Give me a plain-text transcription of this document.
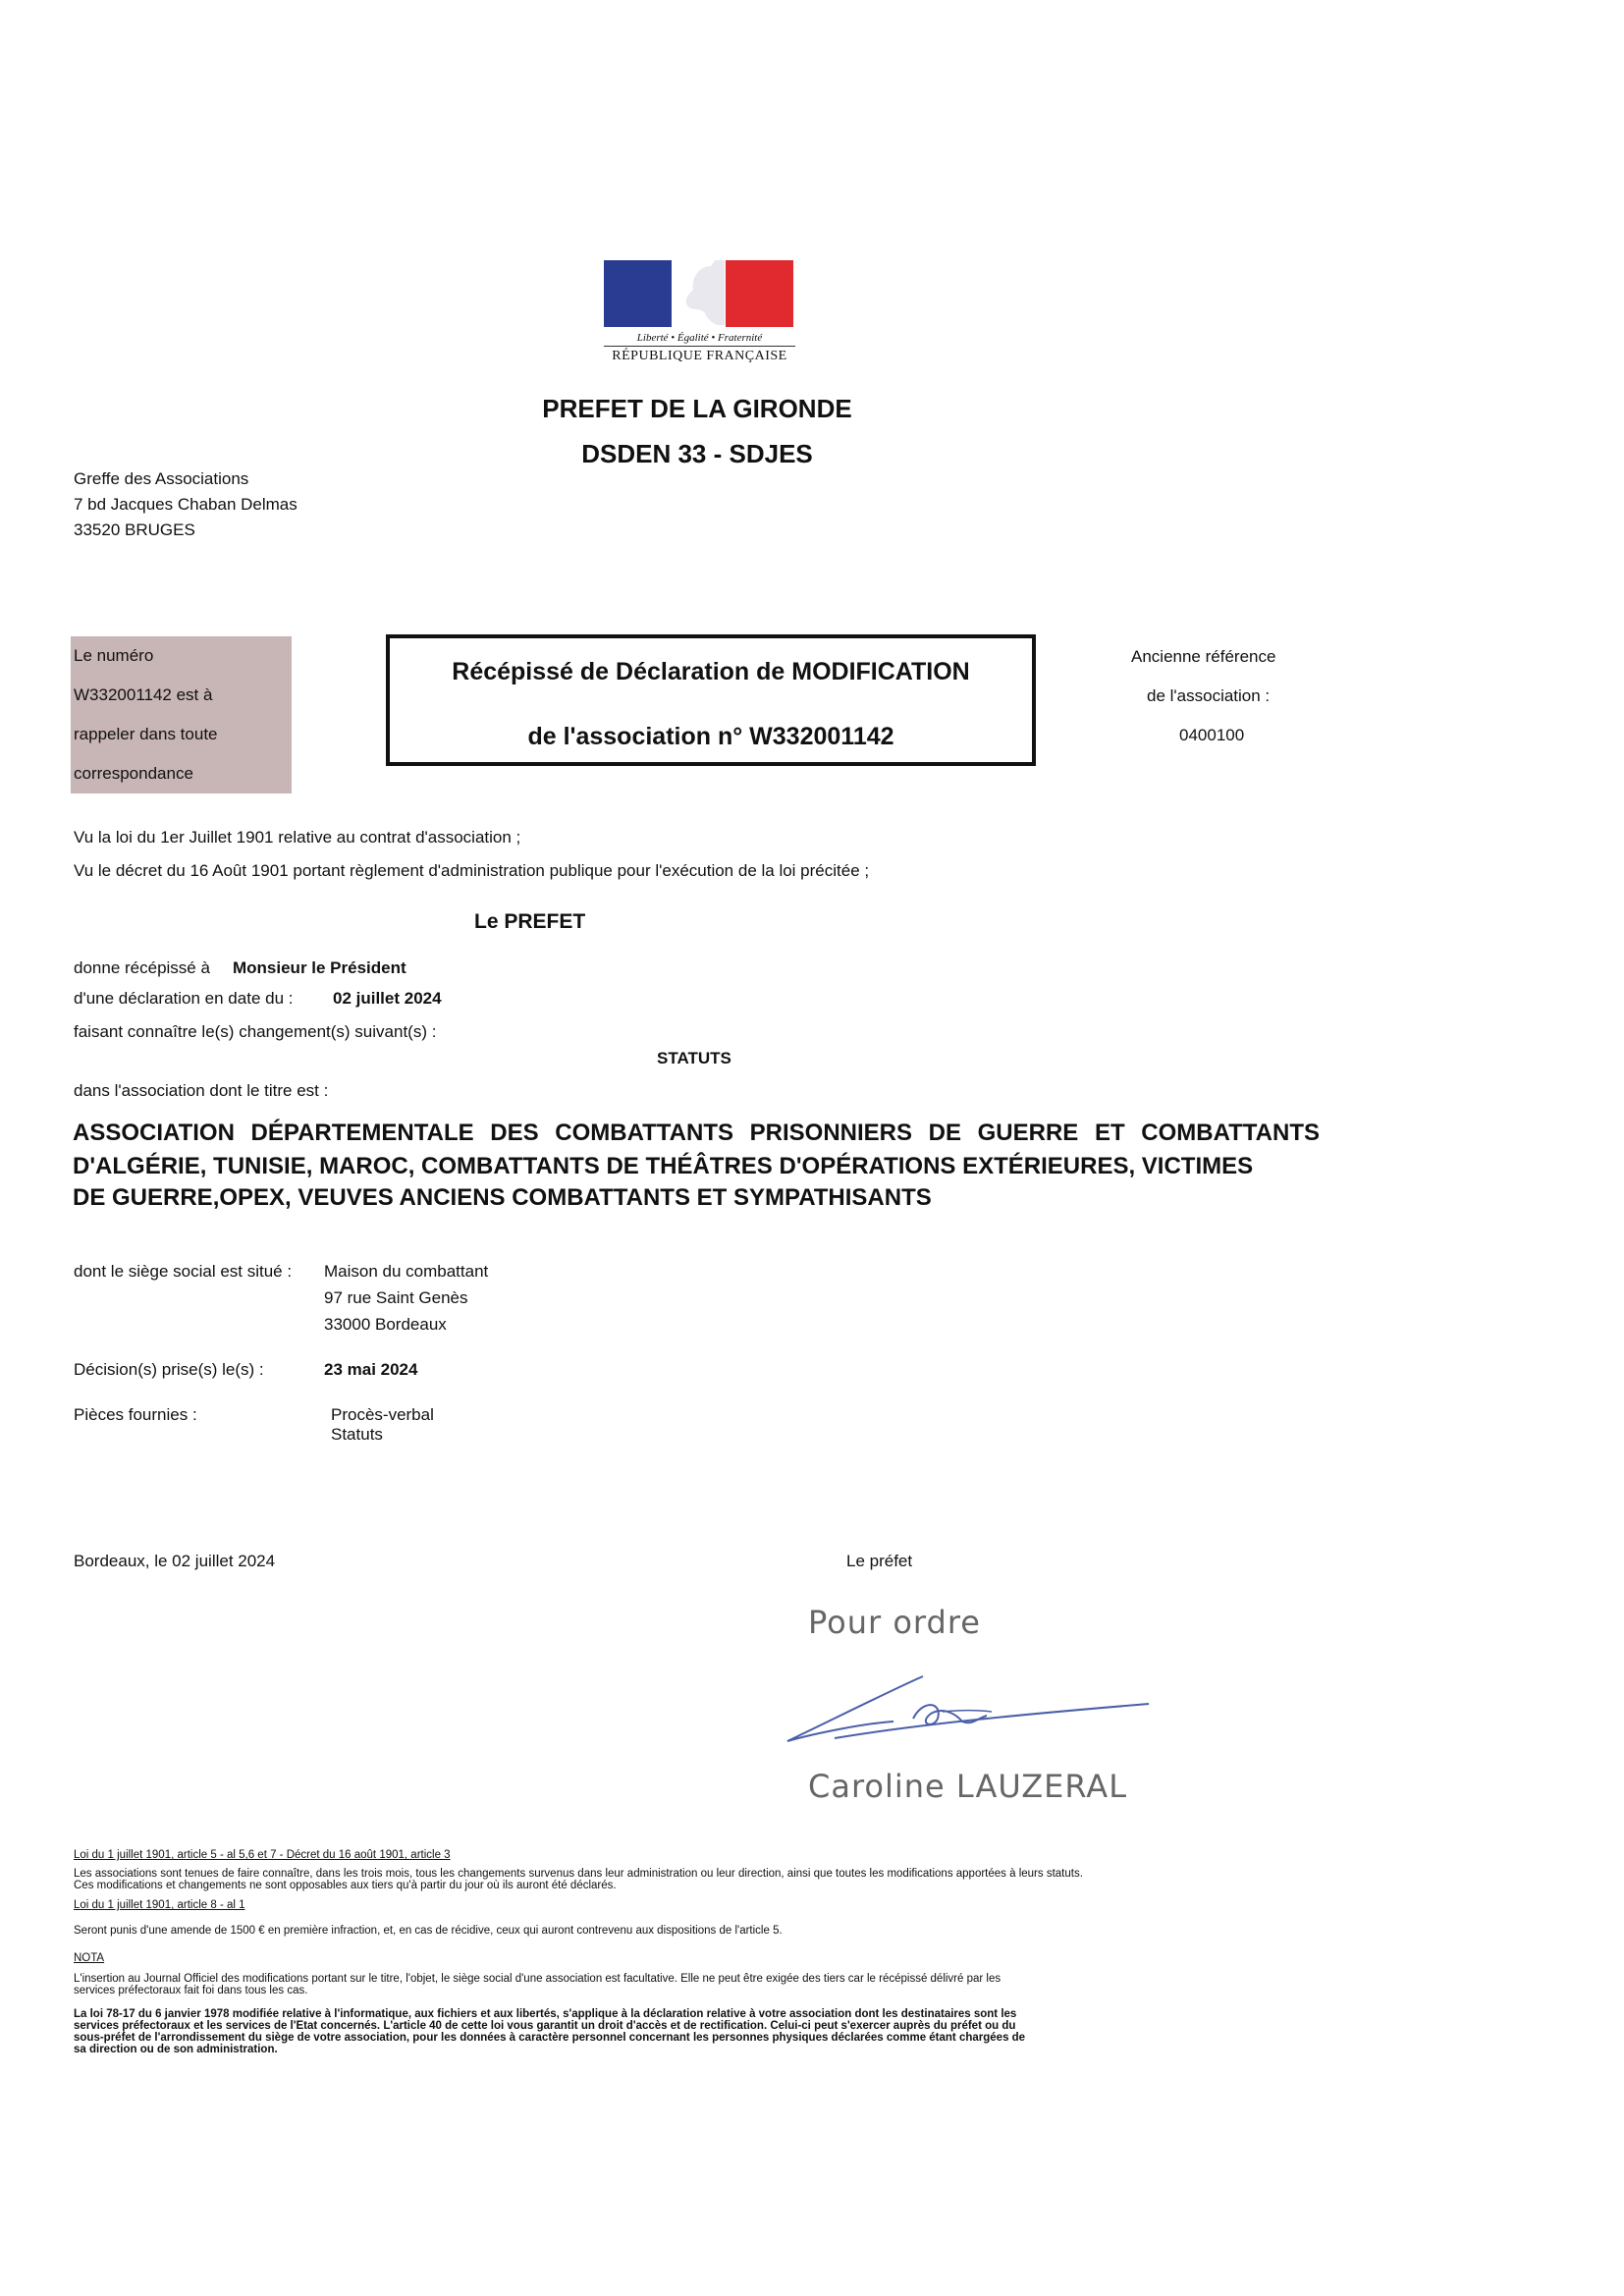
Liberté • Égalité • Fraternité
RÉPUBLIQUE FRANÇAISE
PREFET DE LA GIRONDE
DSDEN 33 - SDJES
Greffe des Associations
7 bd Jacques Chaban Delmas
33520 BRUGES
Le numéro
W332001142 est à
rappeler dans toute
correspondance
Récépissé de Déclaration de MODIFICATION
de l'association n° W332001142
Ancienne référence
de l'association :
0400100
Vu la loi du 1er Juillet 1901 relative au contrat d'association ;
Vu le décret du 16 Août 1901 portant règlement d'administration publique pour l'exécution de la loi précitée ;
Le PREFET
donne récépissé à Monsieur le Président
d'une déclaration en date du : 02 juillet 2024
faisant connaître le(s) changement(s) suivant(s) :
STATUTS
dans l'association dont le titre est :
ASSOCIATION DÉPARTEMENTALE DES COMBATTANTS PRISONNIERS DE GUERRE ET COMBATTANTS
D'ALGÉRIE, TUNISIE, MAROC, COMBATTANTS DE THÉÂTRES D'OPÉRATIONS EXTÉRIEURES, VICTIMES
DE GUERRE,OPEX, VEUVES ANCIENS COMBATTANTS ET SYMPATHISANTS
dont le siège social est situé : Maison du combattant
97 rue Saint Genès
33000 Bordeaux
Décision(s) prise(s) le(s) :	23 mai 2024
Pièces fournies :	Procès-verbal
Statuts
Bordeaux, le 02 juillet 2024	Le préfet
Pour ordre
Caroline LAUZERAL
Loi du 1 juillet 1901, article 5 - al 5,6 et 7 - Décret du 16 août 1901, article 3
Les associations sont tenues de faire connaître, dans les trois mois, tous les changements survenus dans leur administration ou leur direction, ainsi que toutes les modifications apportées à leurs statuts.
Ces modifications et changements ne sont opposables aux tiers qu'à partir du jour où ils auront été déclarés.
Loi du 1 juillet 1901, article 8 - al 1
Seront punis d'une amende de 1500 € en première infraction, et, en cas de récidive, ceux qui auront contrevenu aux dispositions de l'article 5.
NOTA
L'insertion au Journal Officiel des modifications portant sur le titre, l'objet, le siège social d'une association est facultative. Elle ne peut être exigée des tiers car le récépissé délivré par les
services préfectoraux fait foi dans tous les cas.
La loi 78-17 du 6 janvier 1978 modifiée relative à l'informatique, aux fichiers et aux libertés, s'applique à la déclaration relative à votre association dont les destinataires sont les
services préfectoraux et les services de l'Etat concernés. L'article 40 de cette loi vous garantit un droit d'accès et de rectification. Celui-ci peut s'exercer auprès du préfet ou du
sous-préfet de l'arrondissement du siège de votre association, pour les données à caractère personnel concernant les personnes physiques déclarées comme étant chargées de
sa direction ou de son administration.
